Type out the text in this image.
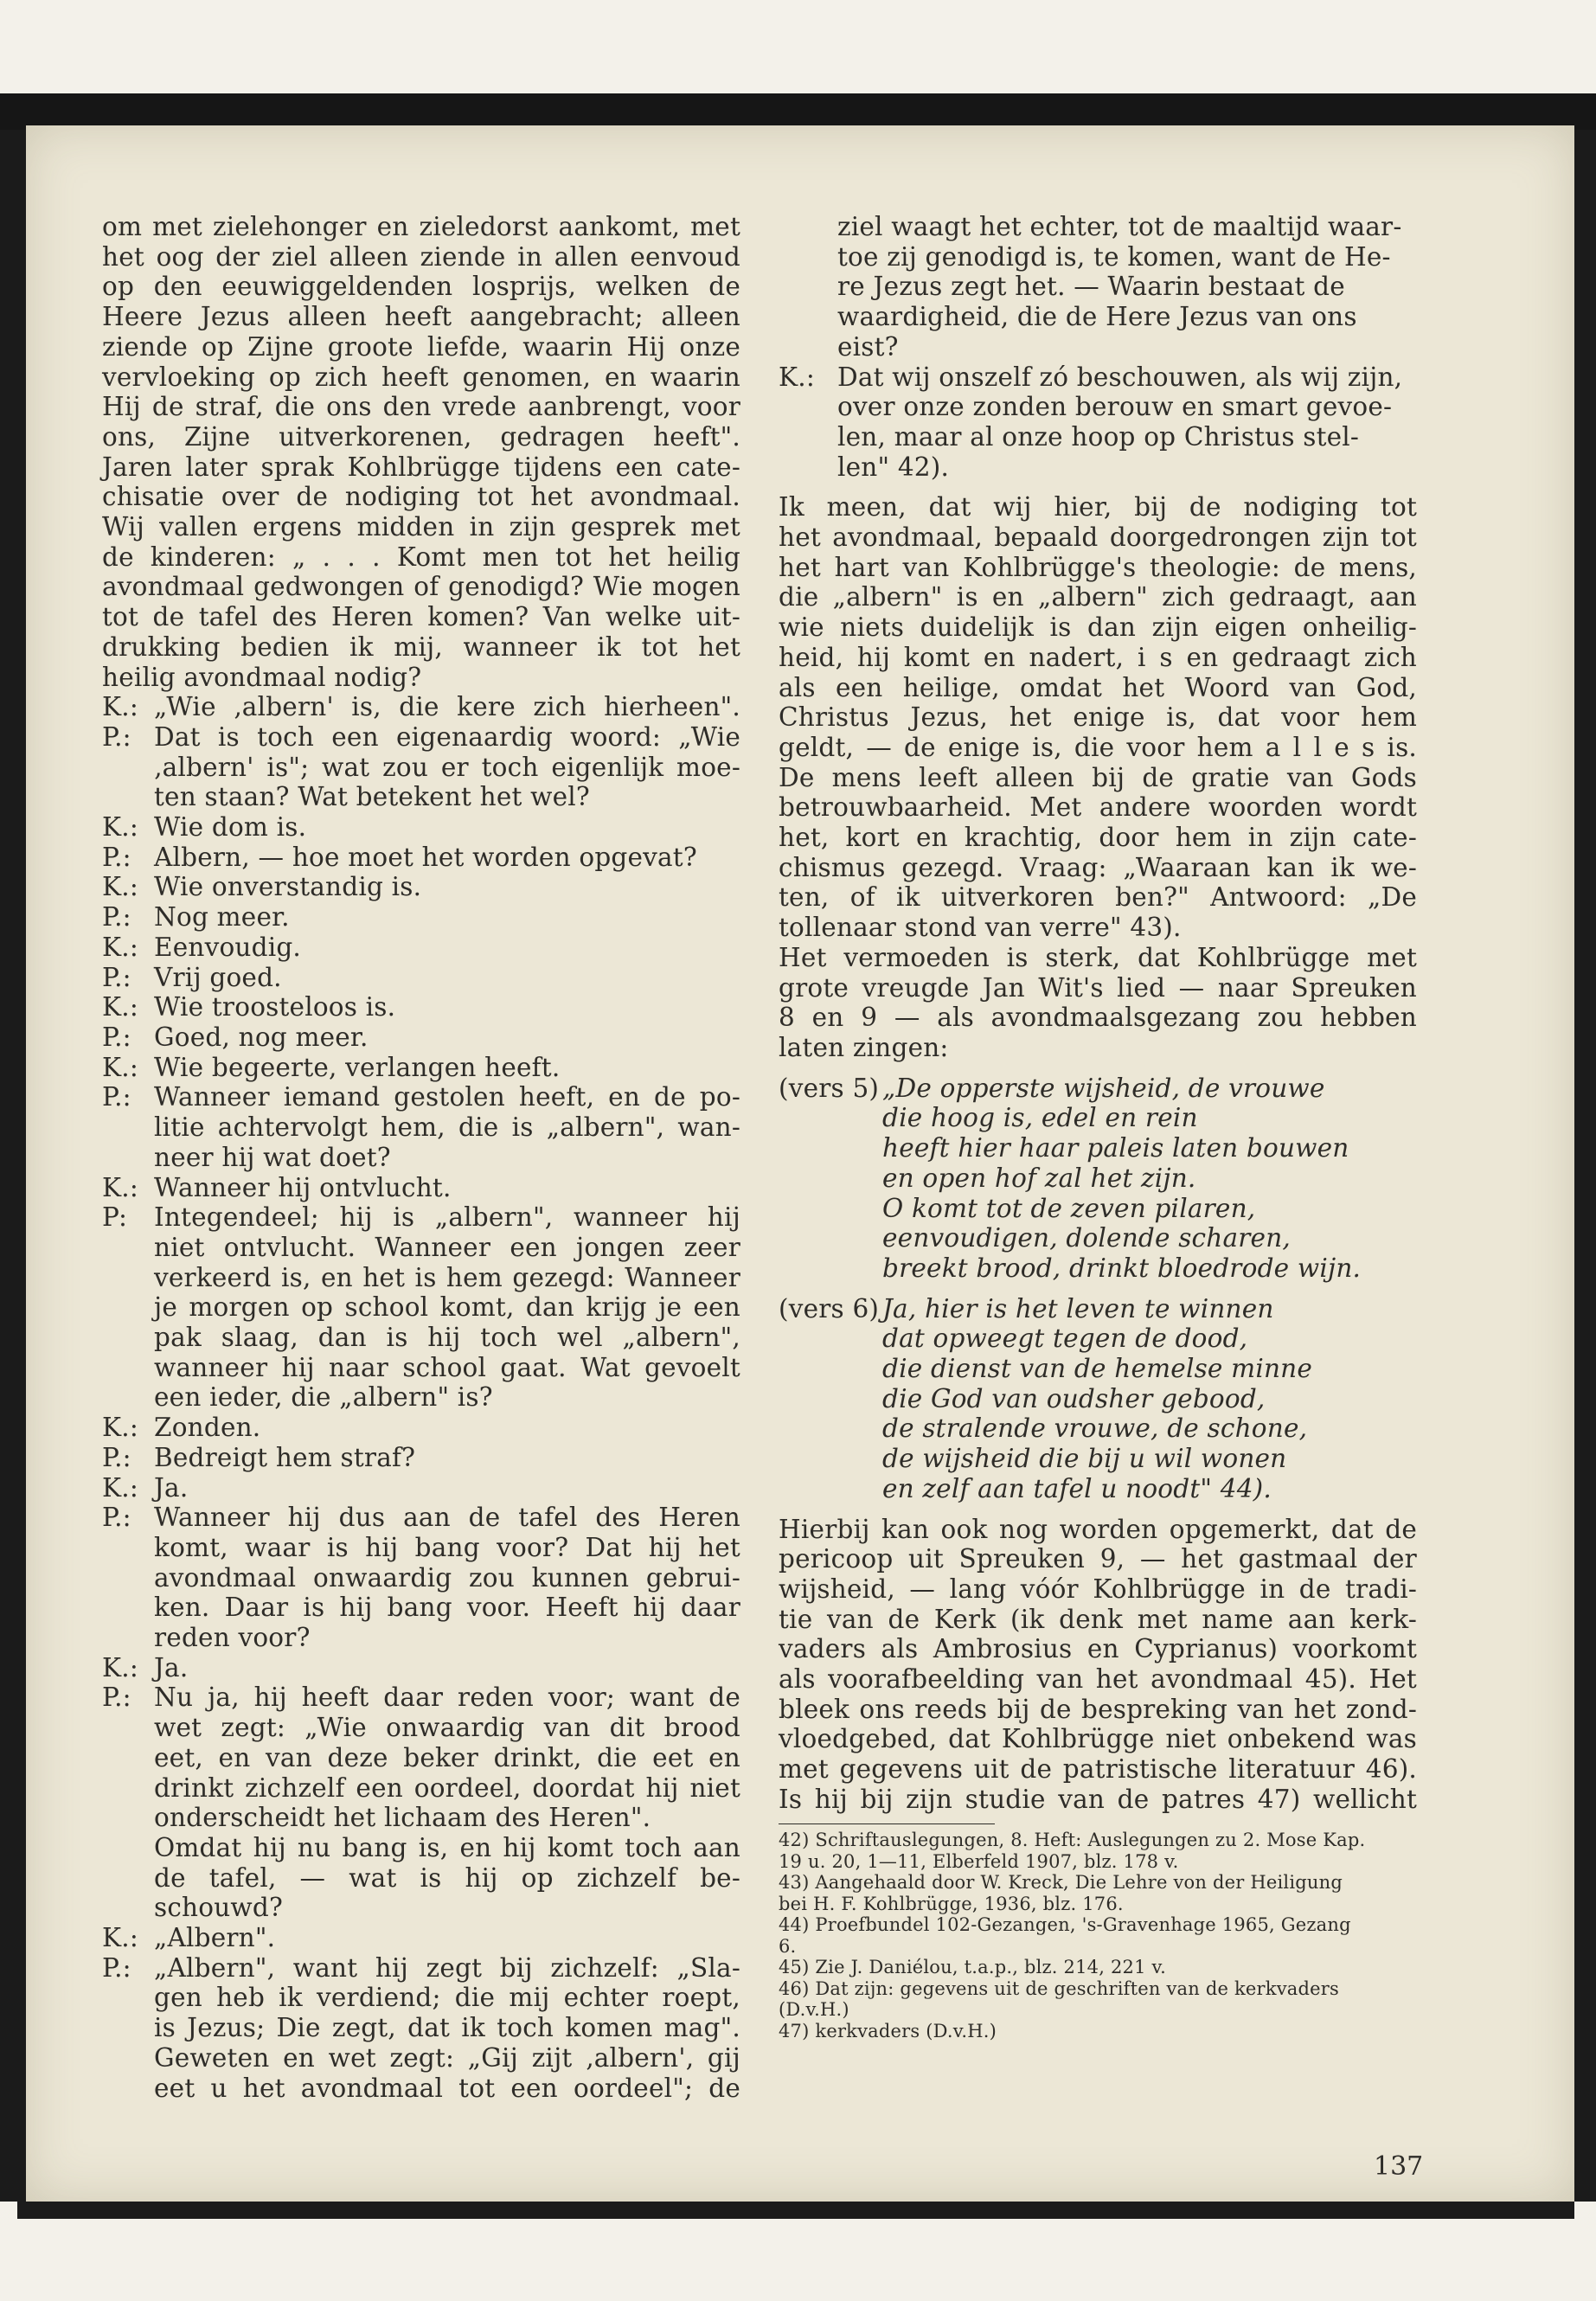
om met zielehonger en zieledorst aankomt, met
het oog der ziel alleen ziende in allen eenvoud
op den eeuwiggeldenden losprijs, welken de
Heere Jezus alleen heeft aangebracht; alleen
ziende op Zijne groote liefde, waarin Hij onze
vervloeking op zich heeft genomen, en waarin
Hij de straf, die ons den vrede aanbrengt, voor
ons, Zijne uitverkorenen, gedragen heeft".
Jaren later sprak Kohlbrügge tijdens een cate-
chisatie over de nodiging tot het avondmaal.
Wij vallen ergens midden in zijn gesprek met
de kinderen: „ . . . Komt men tot het heilig
avondmaal gedwongen of genodigd? Wie mogen
tot de tafel des Heren komen? Van welke uit-
drukking bedien ik mij, wanneer ik tot het
heilig avondmaal nodig?
K.: „Wie ‚albern' is, die kere zich hierheen".
P.: Dat is toch een eigenaardig woord: „Wie
‚albern' is"; wat zou er toch eigenlijk moe-
ten staan? Wat betekent het wel?
K.: Wie dom is.
P.: Albern, — hoe moet het worden opgevat?
K.: Wie onverstandig is.
P.: Nog meer.
K.: Eenvoudig.
P.: Vrij goed.
K.: Wie troosteloos is.
P.: Goed, nog meer.
K.: Wie begeerte, verlangen heeft.
P.: Wanneer iemand gestolen heeft, en de po-
litie achtervolgt hem, die is „albern", wan-
neer hij wat doet?
K.: Wanneer hij ontvlucht.
P:	Integendeel; hij is „albern", wanneer hij
niet ontvlucht. Wanneer een jongen zeer
verkeerd is, en het is hem gezegd: Wanneer
je morgen op school komt, dan krijg je een
pak slaag, dan is hij toch wel „albern",
wanneer hij naar school gaat. Wat gevoelt
een ieder, die „albern" is?
K.: Zonden.
P.: Bedreigt hem straf?
K.: Ja.
P.: Wanneer hij dus aan de tafel des Heren
komt, waar is hij bang voor? Dat hij het
avondmaal onwaardig zou kunnen gebrui-
ken. Daar is hij bang voor. Heeft hij daar
reden voor?
K.: Ja.
P.: Nu ja, hij heeft daar reden voor; want de
wet zegt: „Wie onwaardig van dit brood
eet, en van deze beker drinkt, die eet en
drinkt zichzelf een oordeel, doordat hij niet
onderscheidt het lichaam des Heren".
Omdat hij nu bang is, en hij komt toch aan
de tafel, — wat is hij op zichzelf be-
schouwd?
K.: „Albern".
P.: „Albern", want hij zegt bij zichzelf: „Sla-
gen heb ik verdiend; die mij echter roept,
is Jezus; Die zegt, dat ik toch komen mag".
Geweten en wet zegt: „Gij zijt ‚albern', gij
eet u het avondmaal tot een oordeel"; de
ziel waagt het echter, tot de maaltijd waar-
toe zij genodigd is, te komen, want de He-
re Jezus zegt het. — Waarin bestaat de
waardigheid, die de Here Jezus van ons
eist?
K.: Dat wij onszelf zó beschouwen, als wij zijn,
over onze zonden berouw en smart gevoe-
len, maar al onze hoop op Christus stel-
len" 42).
Ik meen, dat wij hier, bij de nodiging tot
het avondmaal, bepaald doorgedrongen zijn tot
het hart van Kohlbrügge's theologie: de mens,
die „albern" is en „albern" zich gedraagt, aan
wie niets duidelijk is dan zijn eigen onheilig-
heid, hij komt en nadert, i s en gedraagt zich
als een heilige, omdat het Woord van God,
Christus Jezus, het enige is, dat voor hem
geldt, — de enige is, die voor hem a l l e s is.
De mens leeft alleen bij de gratie van Gods
betrouwbaarheid. Met andere woorden wordt
het, kort en krachtig, door hem in zijn cate-
chismus gezegd. Vraag: „Waaraan kan ik we-
ten, of ik uitverkoren ben?" Antwoord: „De
tollenaar stond van verre" 43).
Het vermoeden is sterk, dat Kohlbrügge met
grote vreugde Jan Wit's lied — naar Spreuken
8 en 9 — als avondmaalsgezang zou hebben
laten zingen:
(vers 5) „De opperste wijsheid, de vrouwe
die hoog is, edel en rein
heeft hier haar paleis laten bouwen
en open hof zal het zijn.
O komt tot de zeven pilaren,
eenvoudigen, dolende scharen,
breekt brood, drinkt bloedrode wijn.
(vers 6) Ja, hier is het leven te winnen
dat opweegt tegen de dood,
die dienst van de hemelse minne
die God van oudsher gebood,
de stralende vrouwe, de schone,
de wijsheid die bij u wil wonen
en zelf aan tafel u noodt" 44).
Hierbij kan ook nog worden opgemerkt, dat de
pericoop uit Spreuken 9, — het gastmaal der
wijsheid, — lang vóór Kohlbrügge in de tradi-
tie van de Kerk (ik denk met name aan kerk-
vaders als Ambrosius en Cyprianus) voorkomt
als voorafbeelding van het avondmaal 45). Het
bleek ons reeds bij de bespreking van het zond-
vloedgebed, dat Kohlbrügge niet onbekend was
met gegevens uit de patristische literatuur 46).
Is hij bij zijn studie van de patres 47) wellicht
42) Schriftauslegungen, 8. Heft: Auslegungen zu 2. Mose Kap.
19 u. 20, 1—11, Elberfeld 1907, blz. 178 v.
43) Aangehaald door W. Kreck, Die Lehre von der Heiligung
bei H. F. Kohlbrügge, 1936, blz. 176.
44) Proefbundel 102-Gezangen, 's-Gravenhage 1965, Gezang
6.
45) Zie J. Daniélou, t.a.p., blz. 214, 221 v.
46) Dat zijn: gegevens uit de geschriften van de kerkvaders
(D.v.H.)
47) kerkvaders (D.v.H.)
137
